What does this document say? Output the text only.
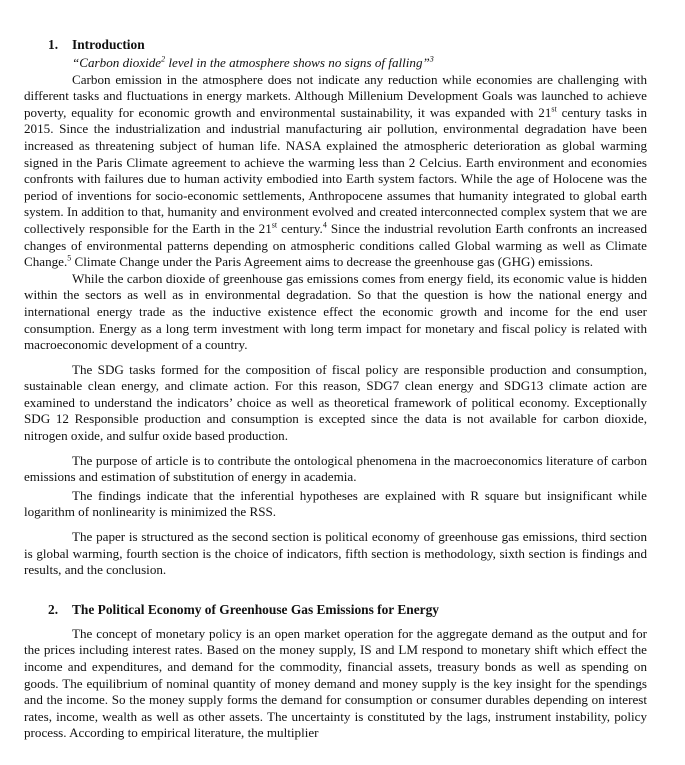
1. Introduction

“Carbon dioxide$^2$ level in the atmosphere shows no signs of falling”$^3$

Carbon emission in the atmosphere does not indicate any reduction while economies are challenging with different tasks and fluctuations in energy markets. Although Millenium Development Goals was launched to achieve poverty, equality for economic growth and environmental sustainability, it was expanded with 21st century tasks in 2015. Since the industrialization and industrial manufacturing air pollution, environmental degradation have been increased as threatening subject of human life. NASA explained the atmospheric deterioration as global warming signed in the Paris Climate agreement to achieve the warming less than 2 Celcius. Earth environment and economies confronts with failures due to human activity embodied into Earth system factors. While the age of Holocene was the period of inventions for socio-economic settlements, Anthropocene assumes that humanity integrated to global earth system. In addition to that, humanity and environment evolved and created interconnected complex system that we are collectively responsible for the Earth in the 21st century.$^4$ Since the industrial revolution Earth confronts an increased changes of environmental patterns depending on atmospheric conditions called Global warming as well as Climate Change.$^5$ Climate Change under the Paris Agreement aims to decrease the greenhouse gas (GHG) emissions.

While the carbon dioxide of greenhouse gas emissions comes from energy field, its economic value is hidden within the sectors as well as in environmental degradation. So that the question is how the national energy and international energy trade as the inductive existence effect the economic growth and income for the end user consumption. Energy as a long term investment with long term impact for monetary and fiscal policy is related with macroeconomic development of a country.

The SDG tasks formed for the composition of fiscal policy are responsible production and consumption, sustainable clean energy, and climate action. For this reason, SDG7 clean energy and SDG13 climate action are examined to understand the indicators’ choice as well as theoretical framework of political economy. Exceptionally SDG 12 Responsible production and consumption is excepted since the data is not available for carbon dioxide, nitrogen oxide, and sulfur oxide based production.

The purpose of article is to contribute the ontological phenomena in the macroeconomics literature of carbon emissions and estimation of substitution of energy in academia.

The findings indicate that the inferential hypotheses are explained with R square but insignificant while logarithm of nonlinearity is minimized the RSS.

The paper is structured as the second section is political economy of greenhouse gas emissions, third section is global warming, fourth section is the choice of indicators, fifth section is methodology, sixth section is findings and results, and the conclusion.

2. The Political Economy of Greenhouse Gas Emissions for Energy

The concept of monetary policy is an open market operation for the aggregate demand as the output and for the prices including interest rates. Based on the money supply, IS and LM respond to monetary shift which effect the income and expenditures, and demand for the commodity, financial assets, treasury bonds as well as spending on goods. The equilibrium of nominal quantity of money demand and money supply is the key insight for the spendings and the income. So the money supply forms the demand for consumption or consumer durables depending on interest rates, income, wealth as well as other assets. The uncertainty is constituted by the lags, instrument instability, policy process. According to empirical literature, the multiplier
